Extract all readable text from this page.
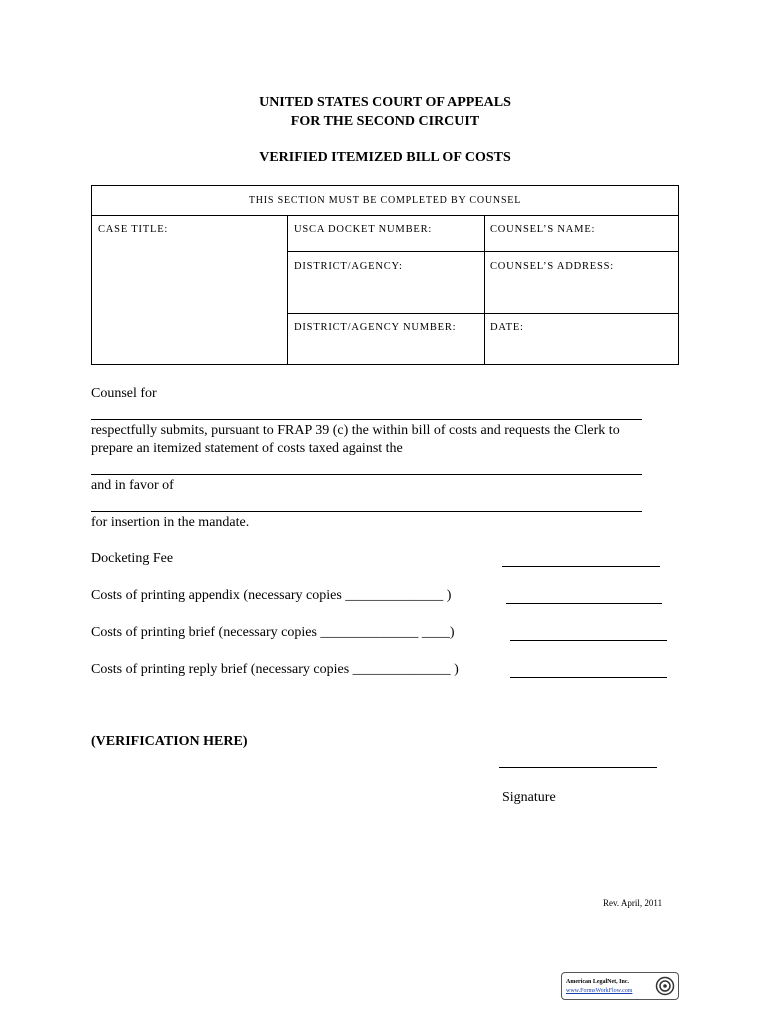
UNITED STATES COURT OF APPEALS
FOR THE SECOND CIRCUIT
VERIFIED ITEMIZED BILL OF COSTS
THIS SECTION MUST BE COMPLETED BY COUNSEL
CASE TITLE:	USCA DOCKET NUMBER:	COUNSEL’S NAME:
DISTRICT/AGENCY:	COUNSEL’S ADDRESS:
DISTRICT/AGENCY NUMBER:	DATE:
Counsel for
respectfully submits, pursuant to FRAP 39 (c) the within bill of costs and requests the Clerk to
prepare an itemized statement of costs taxed against the
and in favor of
for insertion in the mandate.
Docketing Fee
Costs of printing appendix (necessary copies ______________ )
Costs of printing brief (necessary copies ______________ ____)
Costs of printing reply brief (necessary copies ______________ )
(VERIFICATION HERE)
Signature
Rev. April, 2011
American LegalNet, Inc.
www.FormsWorkFlow.com
